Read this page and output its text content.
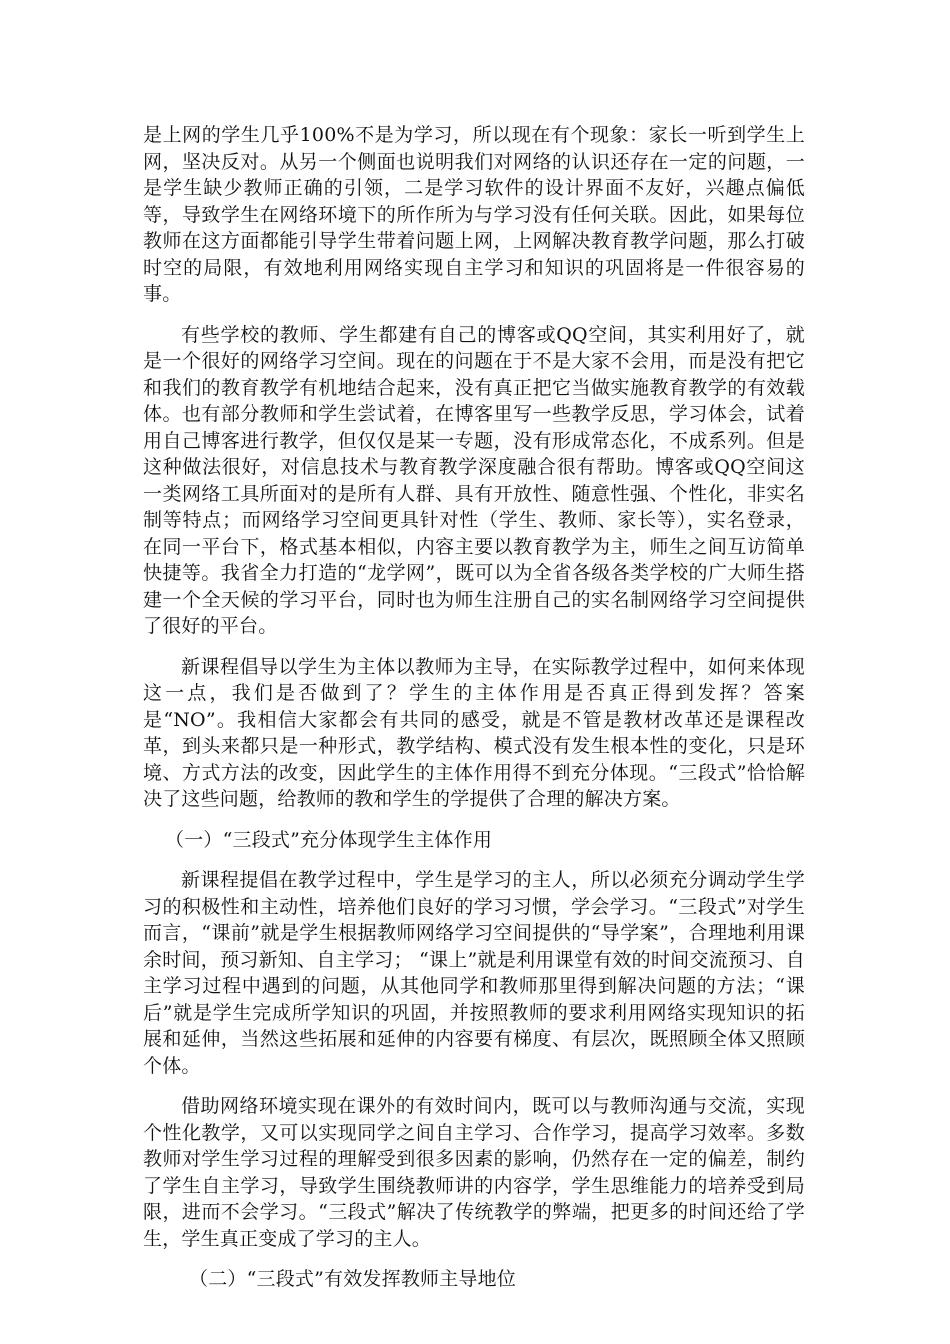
是上网的学生几乎100%不是为学习，所以现在有个现象：家长一听到学生上网，坚决反对。从另一个侧面也说明我们对网络的认识还存在一定的问题，一是学生缺少教师正确的引领，二是学习软件的设计界面不友好，兴趣点偏低等，导致学生在网络环境下的所作所为与学习没有任何关联。因此，如果每位教师在这方面都能引导学生带着问题上网，上网解决教育教学问题，那么打破时空的局限，有效地利用网络实现自主学习和知识的巩固将是一件很容易的事。

有些学校的教师、学生都建有自己的博客或QQ空间，其实利用好了，就是一个很好的网络学习空间。现在的问题在于不是大家不会用，而是没有把它和我们的教育教学有机地结合起来，没有真正把它当做实施教育教学的有效载体。也有部分教师和学生尝试着，在博客里写一些教学反思，学习体会，试着用自己博客进行教学，但仅仅是某一专题，没有形成常态化，不成系列。但是这种做法很好，对信息技术与教育教学深度融合很有帮助。博客或QQ空间这一类网络工具所面对的是所有人群、具有开放性、随意性强、个性化，非实名制等特点；而网络学习空间更具针对性（学生、教师、家长等），实名登录，在同一平台下，格式基本相似，内容主要以教育教学为主，师生之间互访简单快捷等。我省全力打造的“龙学网”，既可以为全省各级各类学校的广大师生搭建一个全天候的学习平台，同时也为师生注册自己的实名制网络学习空间提供了很好的平台。

新课程倡导以学生为主体以教师为主导，在实际教学过程中，如何来体现这一点，我们是否做到了？学生的主体作用是否真正得到发挥？答案是“NO”。我相信大家都会有共同的感受，就是不管是教材改革还是课程改革，到头来都只是一种形式，教学结构、模式没有发生根本性的变化，只是环境、方式方法的改变，因此学生的主体作用得不到充分体现。“三段式”恰恰解决了这些问题，给教师的教和学生的学提供了合理的解决方案。

（一）“三段式”充分体现学生主体作用

新课程提倡在教学过程中，学生是学习的主人，所以必须充分调动学生学习的积极性和主动性，培养他们良好的学习习惯，学会学习。“三段式”对学生而言，“课前”就是学生根据教师网络学习空间提供的“导学案”，合理地利用课余时间，预习新知、自主学习； “课上”就是利用课堂有效的时间交流预习、自主学习过程中遇到的问题，从其他同学和教师那里得到解决问题的方法；“课后”就是学生完成所学知识的巩固，并按照教师的要求利用网络实现知识的拓展和延伸，当然这些拓展和延伸的内容要有梯度、有层次，既照顾全体又照顾个体。

借助网络环境实现在课外的有效时间内，既可以与教师沟通与交流，实现个性化教学，又可以实现同学之间自主学习、合作学习，提高学习效率。多数教师对学生学习过程的理解受到很多因素的影响，仍然存在一定的偏差，制约了学生自主学习，导致学生围绕教师讲的内容学，学生思维能力的培养受到局限，进而不会学习。“三段式”解决了传统教学的弊端，把更多的时间还给了学生，学生真正变成了学习的主人。

（二）“三段式”有效发挥教师主导地位
